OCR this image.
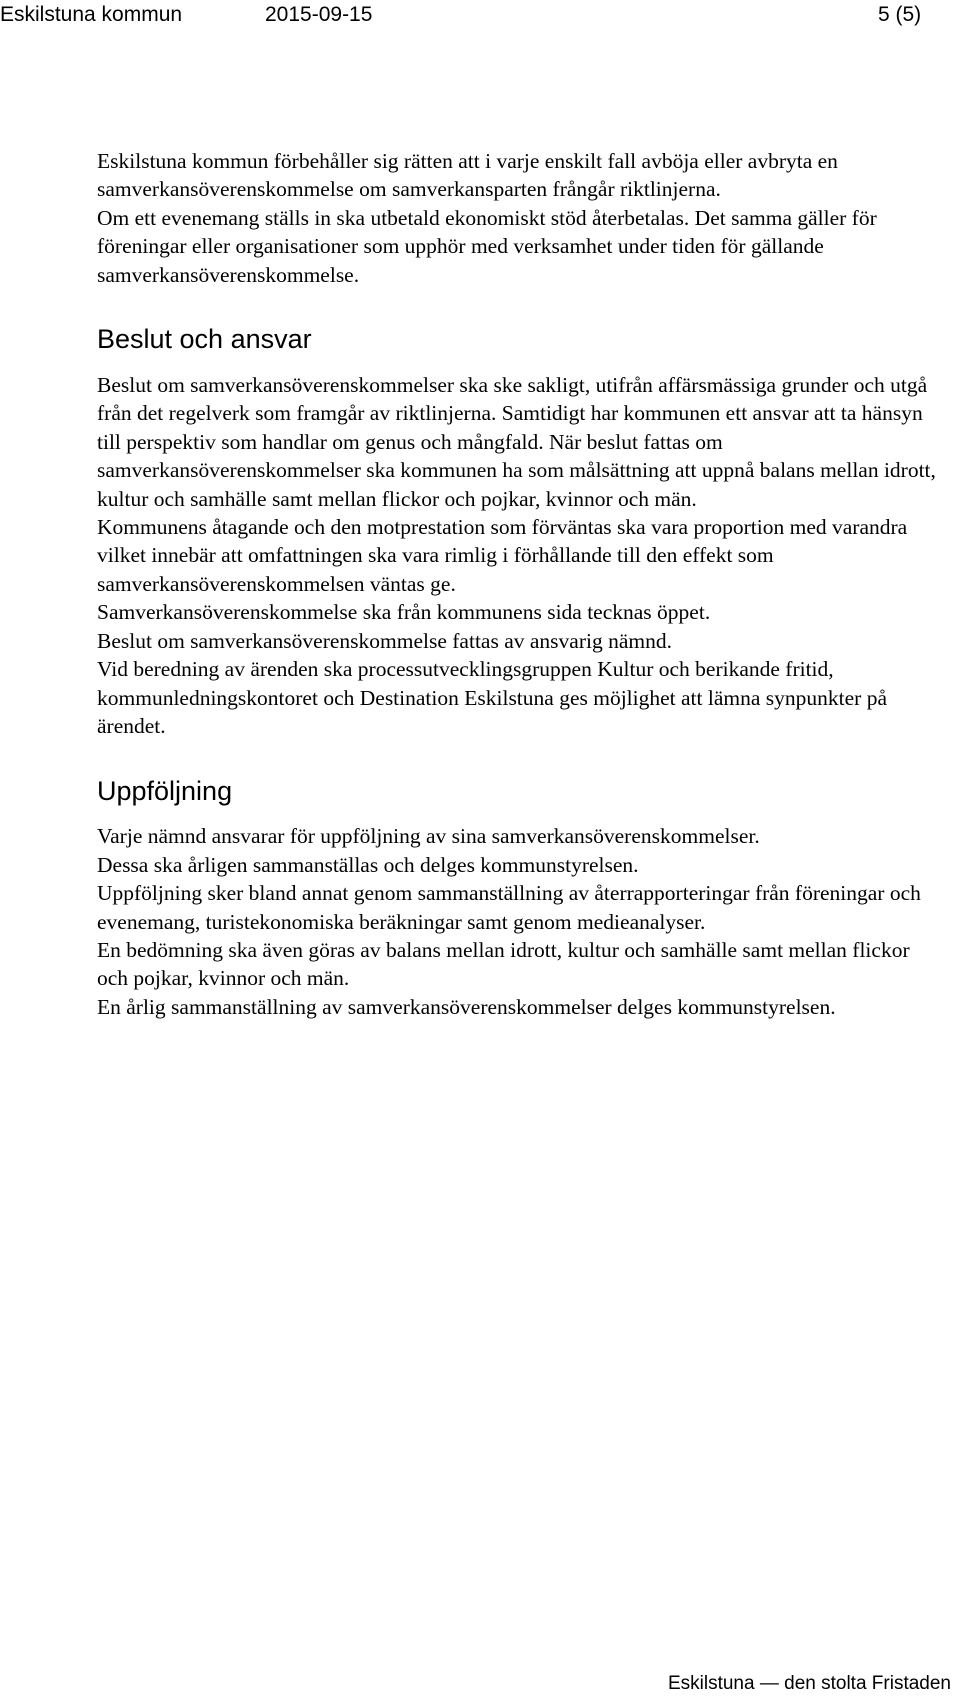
Eskilstuna kommun	2015-09-15	5 (5)

Eskilstuna kommun förbehåller sig rätten att i varje enskilt fall avböja eller avbryta en samverkansöverenskommelse om samverkansparten frångår riktlinjerna.

Om ett evenemang ställs in ska utbetald ekonomiskt stöd återbetalas. Det samma gäller för föreningar eller organisationer som upphör med verksamhet under tiden för gällande samverkansöverenskommelse.

Beslut och ansvar

Beslut om samverkansöverenskommelser ska ske sakligt, utifrån affärsmässiga grunder och utgå från det regelverk som framgår av riktlinjerna. Samtidigt har kommunen ett ansvar att ta hänsyn till perspektiv som handlar om genus och mångfald. När beslut fattas om samverkansöverenskommelser ska kommunen ha som målsättning att uppnå balans mellan idrott, kultur och samhälle samt mellan flickor och pojkar, kvinnor och män.

Kommunens åtagande och den motprestation som förväntas ska vara proportion med varandra vilket innebär att omfattningen ska vara rimlig i förhållande till den effekt som samverkansöverenskommelsen väntas ge.

Samverkansöverenskommelse ska från kommunens sida tecknas öppet.

Beslut om samverkansöverenskommelse fattas av ansvarig nämnd.

Vid beredning av ärenden ska processutvecklingsgruppen Kultur och berikande fritid, kommunledningskontoret och Destination Eskilstuna ges möjlighet att lämna synpunkter på ärendet.

Uppföljning

Varje nämnd ansvarar för uppföljning av sina samverkansöverenskommelser.

Dessa ska årligen sammanställas och delges kommunstyrelsen.

Uppföljning sker bland annat genom sammanställning av återrapporteringar från föreningar och evenemang, turistekonomiska beräkningar samt genom medieanalyser.

En bedömning ska även göras av balans mellan idrott, kultur och samhälle samt mellan flickor och pojkar, kvinnor och män.

En årlig sammanställning av samverkansöverenskommelser delges kommunstyrelsen.

Eskilstuna — den stolta Fristaden
